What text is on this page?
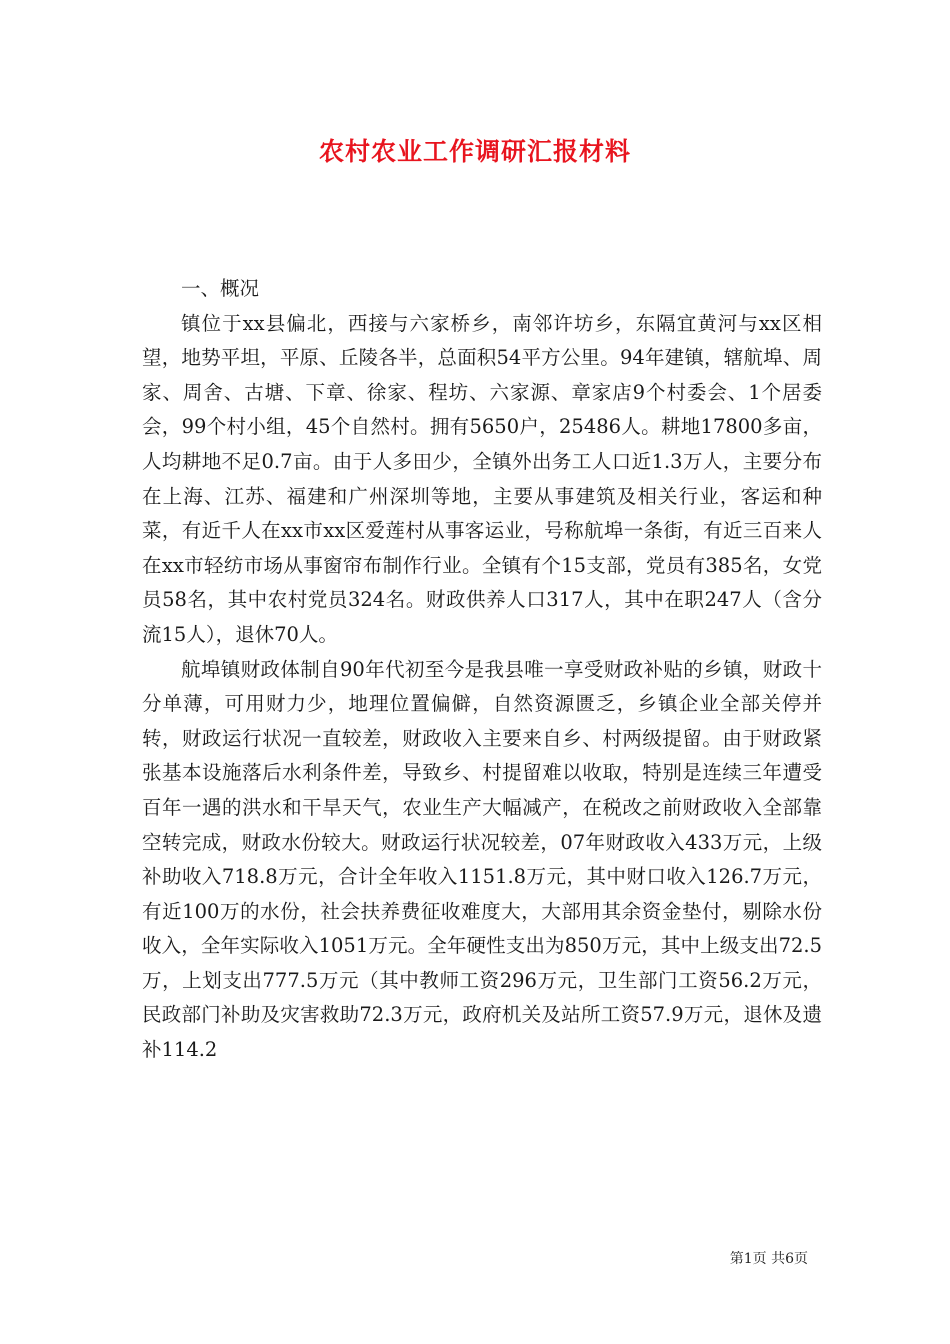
农村农业工作调研汇报材料
一、概况

镇位于xx县偏北，西接与六家桥乡，南邻许坊乡，东隔宜黄河与xx区相望，地势平坦，平原、丘陵各半，总面积54平方公里。94年建镇，辖航埠、周家、周舍、古塘、下章、徐家、程坊、六家源、章家店9个村委会、1个居委会，99个村小组，45个自然村。拥有5650户，25486人。耕地17800多亩，人均耕地不足0.7亩。由于人多田少，全镇外出务工人口近1.3万人，主要分布在上海、江苏、福建和广州深圳等地，主要从事建筑及相关行业，客运和种菜，有近千人在xx市xx区爱莲村从事客运业，号称航埠一条街，有近三百来人在xx市轻纺市场从事窗帘布制作行业。全镇有个15支部，党员有385名，女党员58名，其中农村党员324名。财政供养人口317人，其中在职247人（含分流15人），退休70人。

航埠镇财政体制自90年代初至今是我县唯一享受财政补贴的乡镇，财政十分单薄，可用财力少，地理位置偏僻，自然资源匮乏，乡镇企业全部关停并转，财政运行状况一直较差，财政收入主要来自乡、村两级提留。由于财政紧张基本设施落后水利条件差，导致乡、村提留难以收取，特别是连续三年遭受百年一遇的洪水和干旱天气，农业生产大幅减产，在税改之前财政收入全部靠空转完成，财政水份较大。财政运行状况较差，07年财政收入433万元，上级补助收入718.8万元，合计全年收入1151.8万元，其中财口收入126.7万元，有近100万的水份，社会扶养费征收难度大，大部用其余资金垫付，剔除水份收入，全年实际收入1051万元。全年硬性支出为850万元，其中上级支出72.5万，上划支出777.5万元（其中教师工资296万元，卫生部门工资56.2万元，民政部门补助及灾害救助72.3万元，政府机关及站所工资57.9万元，退休及遗补114.2

第1页 共6页
